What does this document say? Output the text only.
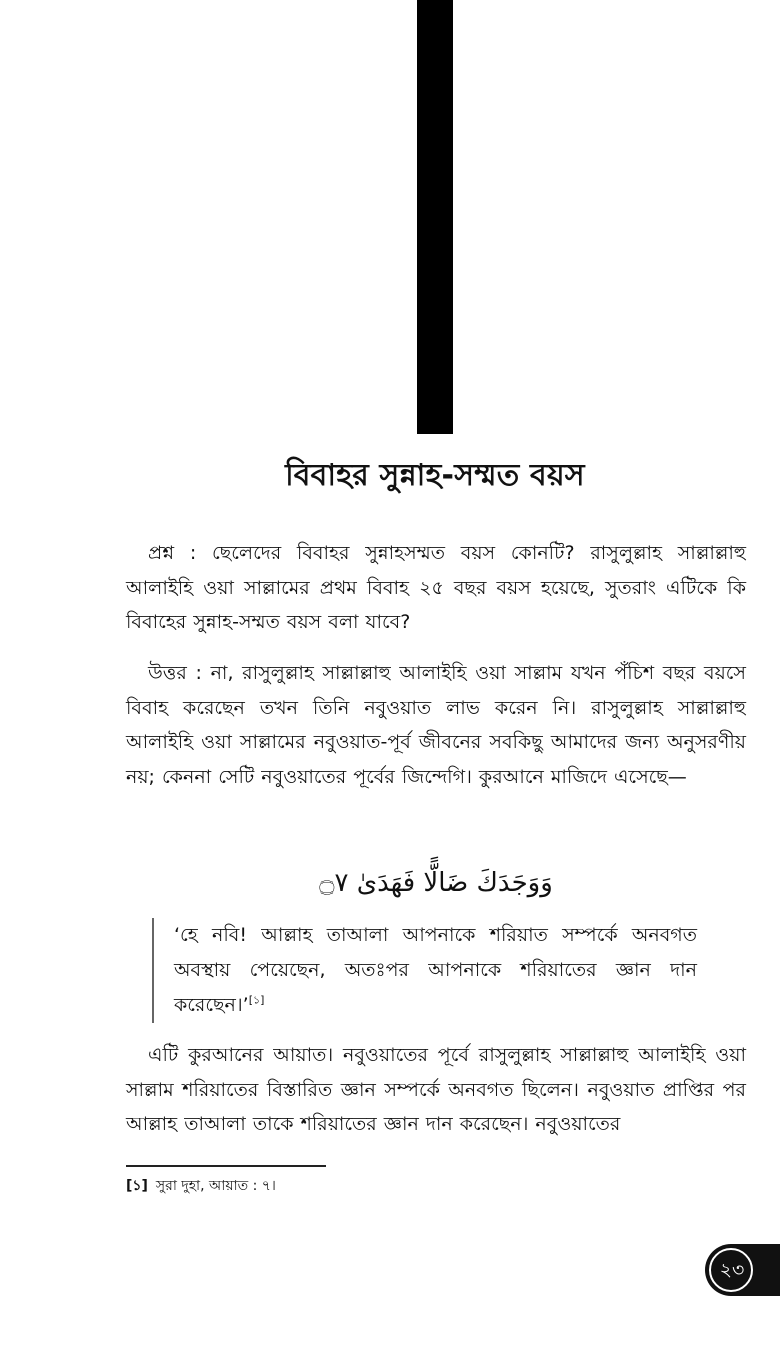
বিবাহর সুন্নাহ-সম্মত বয়স

প্রশ্ন : ছেলেদের বিবাহর সুন্নাহসম্মত বয়স কোনটি? রাসুলুল্লাহ সাল্লাল্লাহু আলাইহি ওয়া সাল্লামের প্রথম বিবাহ ২৫ বছর বয়স হয়েছে, সুতরাং এটিকে কি বিবাহের সুন্নাহ-সম্মত বয়স বলা যাবে?

উত্তর : না, রাসুলুল্লাহ সাল্লাল্লাহু আলাইহি ওয়া সাল্লাম যখন পঁচিশ বছর বয়সে বিবাহ করেছেন তখন তিনি নবুওয়াত লাভ করেন নি। রাসুলুল্লাহ সাল্লাল্লাহু আলাইহি ওয়া সাল্লামের নবুওয়াত-পূর্ব জীবনের সবকিছু আমাদের জন্য অনুসরণীয় নয়; কেননা সেটি নবুওয়াতের পূর্বের জিন্দেগি। কুরআনে মাজিদে এসেছে—

وَوَجَدَكَ ضَالًّا فَهَدَىٰ ۝٧

‘হে নবি! আল্লাহ তাআলা আপনাকে শরিয়াত সম্পর্কে অনবগত অবস্থায় পেয়েছেন, অতঃপর আপনাকে শরিয়াতের জ্ঞান দান করেছেন।’[১]

এটি কুরআনের আয়াত। নবুওয়াতের পূর্বে রাসুলুল্লাহ সাল্লাল্লাহু আলাইহি ওয়া সাল্লাম শরিয়াতের বিস্তারিত জ্ঞান সম্পর্কে অনবগত ছিলেন। নবুওয়াত প্রাপ্তির পর আল্লাহ তাআলা তাকে শরিয়াতের জ্ঞান দান করেছেন। নবুওয়াতের

[১] সুরা দুহা, আয়াত : ৭।
২৩
